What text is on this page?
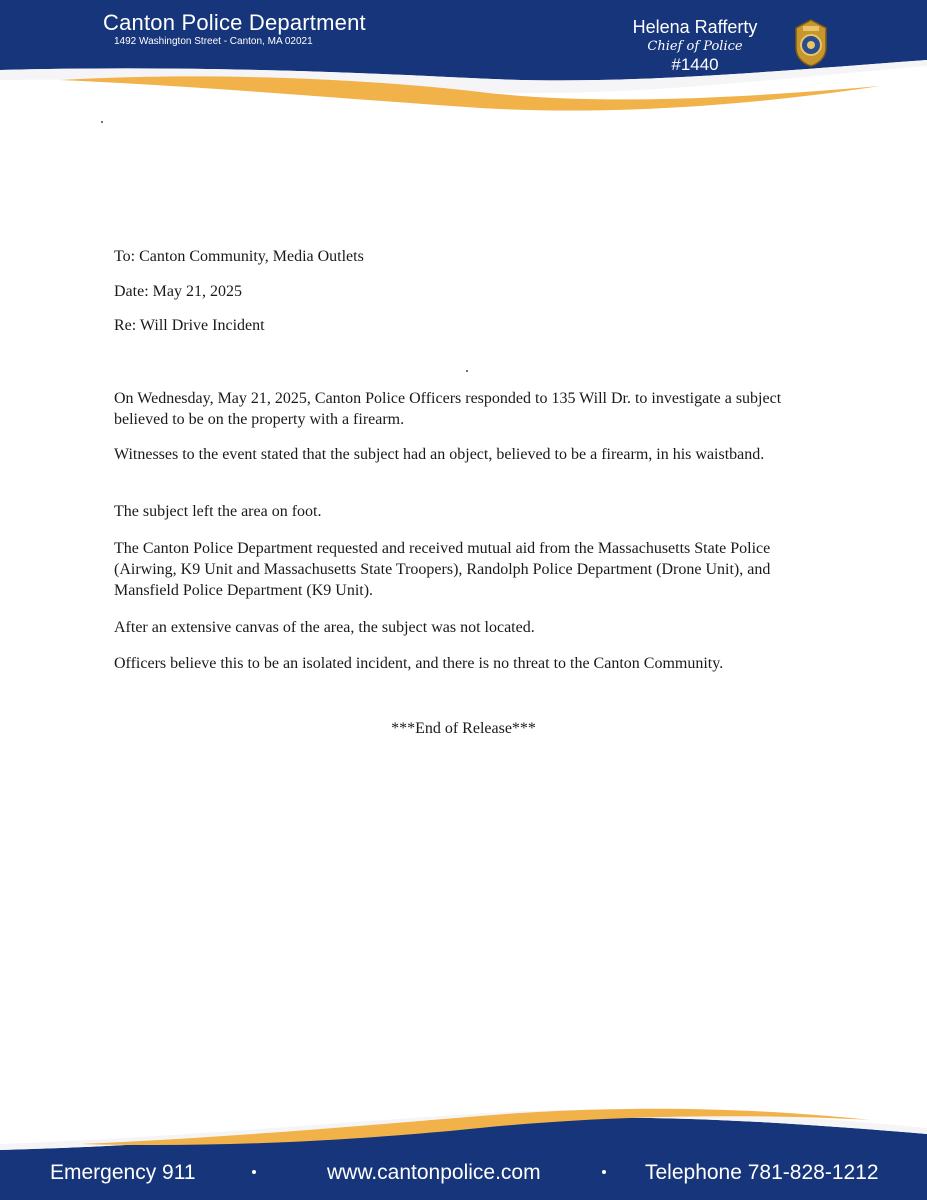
Canton Police Department
1492 Washington Street - Canton, MA 02021
Helena Rafferty
Chief of Police
#1440
To: Canton Community, Media Outlets
Date: May 21, 2025
Re: Will Drive Incident

On Wednesday, May 21, 2025, Canton Police Officers responded to 135 Will Dr. to investigate a subject believed to be on the property with a firearm.

Witnesses to the event stated that the subject had an object, believed to be a firearm, in his waistband.

The subject left the area on foot.

The Canton Police Department requested and received mutual aid from the Massachusetts State Police (Airwing, K9 Unit and Massachusetts State Troopers), Randolph Police Department (Drone Unit), and Mansfield Police Department (K9 Unit).

After an extensive canvas of the area, the subject was not located.

Officers believe this to be an isolated incident, and there is no threat to the Canton Community.

***End of Release***
Emergency 911	www.cantonpolice.com	Telephone 781-828-1212
